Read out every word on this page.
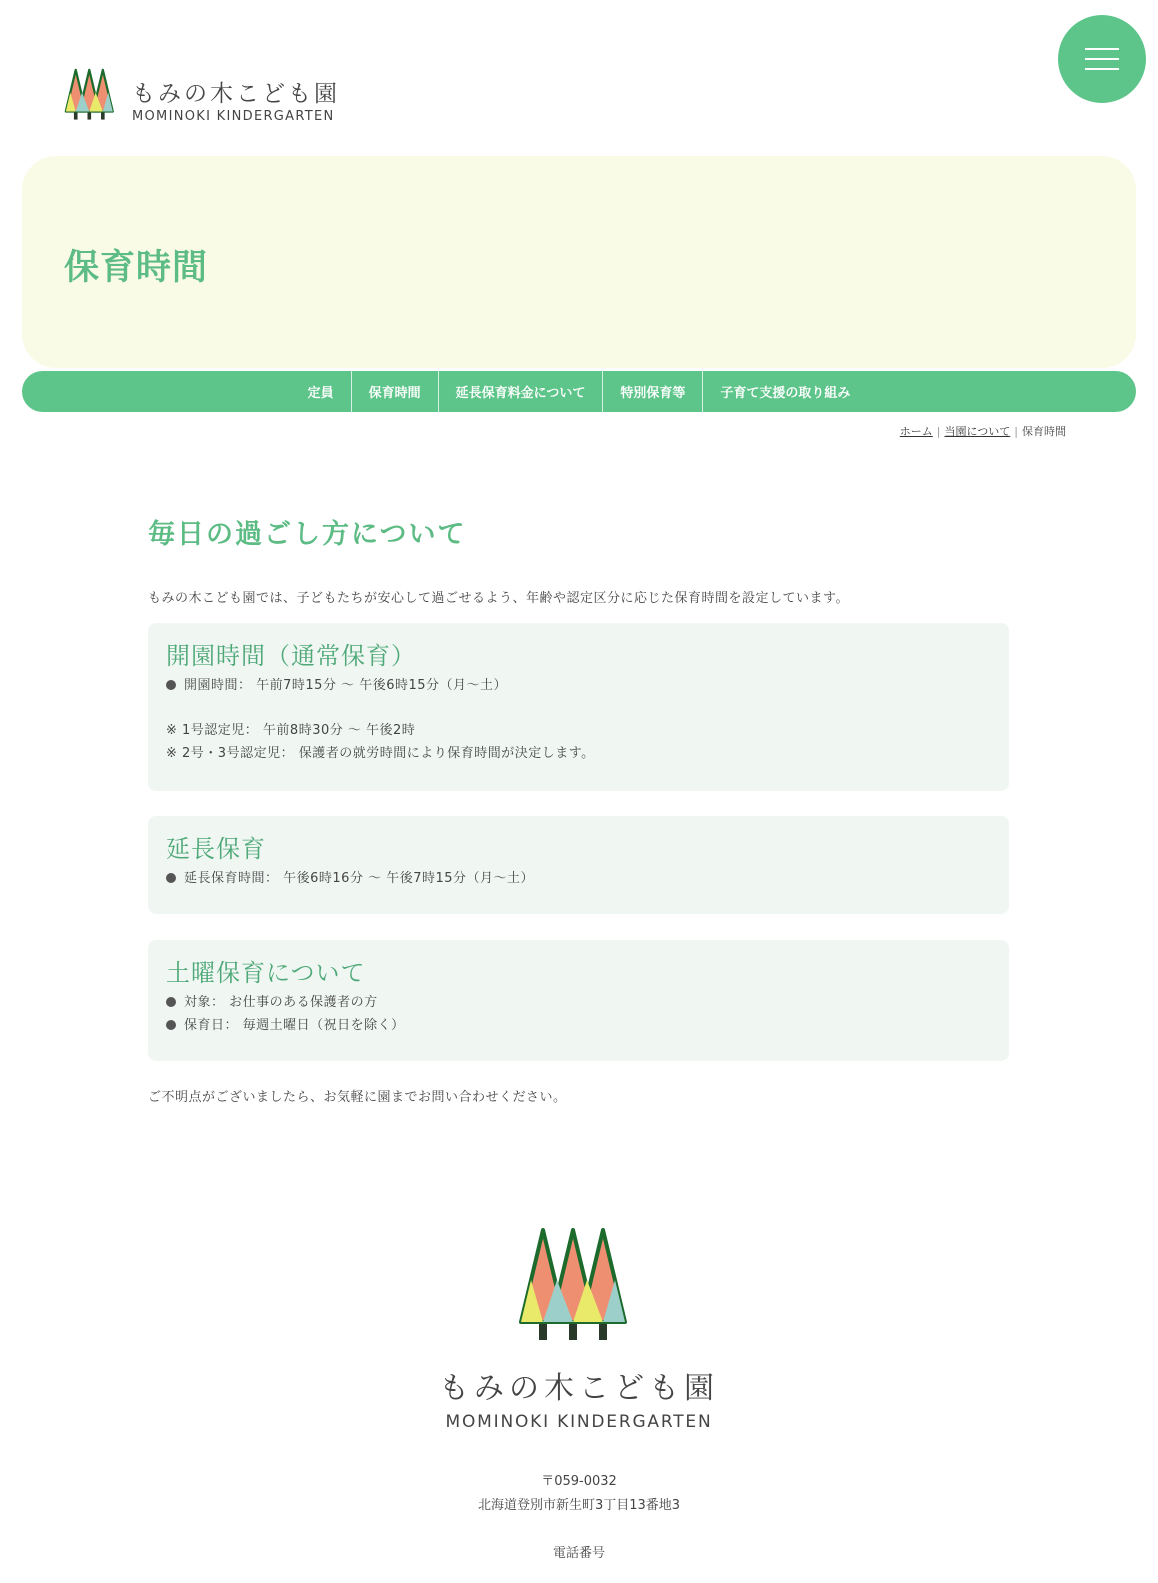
もみの木こども園
MOMINOKI KINDERGARTEN
保育時間
定員	保育時間	延長保育料金について	特別保育等	子育て支援の取り組み
ホーム | 当園について | 保育時間
毎日の過ごし方について

もみの木こども園では、子どもたちが安心して過ごせるよう、年齢や認定区分に応じた保育時間を設定しています。

開園時間（通常保育）
開園時間： 午前7時15分 〜 午後6時15分（月〜土）
※ 1号認定児： 午前8時30分 〜 午後2時
※ 2号・3号認定児： 保護者の就労時間により保育時間が決定します。
延長保育
延長保育時間： 午後6時16分 〜 午後7時15分（月〜土）
土曜保育について
対象： お仕事のある保護者の方
保育日： 毎週土曜日（祝日を除く）

ご不明点がございましたら、お気軽に園までお問い合わせください。

もみの木こども園
MOMINOKI KINDERGARTEN
〒059-0032
北海道登別市新生町3丁目13番地3
電話番号
